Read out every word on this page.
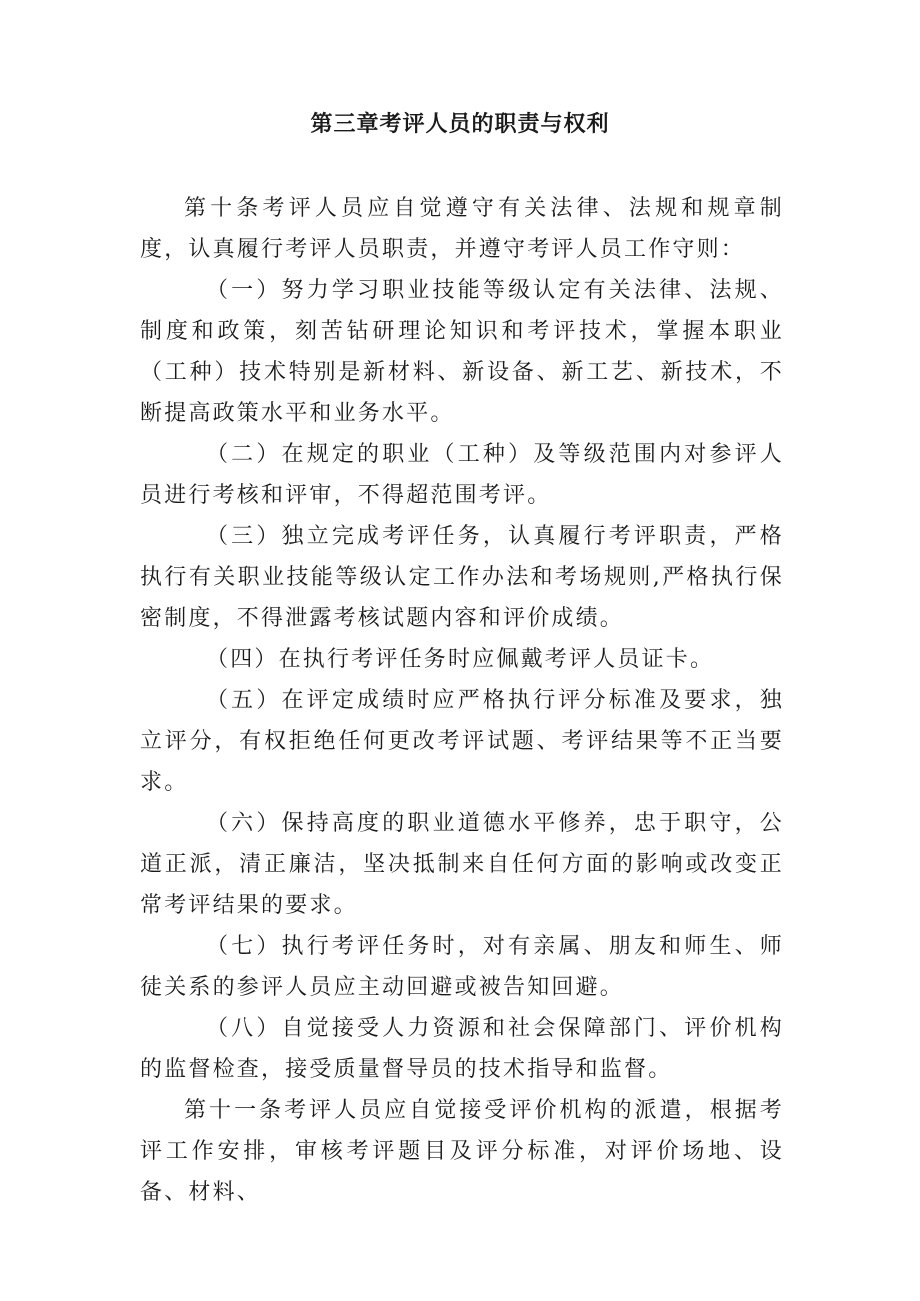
第三章考评人员的职责与权利

第十条考评人员应自觉遵守有关法律、法规和规章制度，认真履行考评人员职责，并遵守考评人员工作守则：

（一）努力学习职业技能等级认定有关法律、法规、制度和政策，刻苦钻研理论知识和考评技术，掌握本职业（工种）技术特别是新材料、新设备、新工艺、新技术，不断提高政策水平和业务水平。

（二）在规定的职业（工种）及等级范围内对参评人员进行考核和评审，不得超范围考评。

（三）独立完成考评任务，认真履行考评职责，严格执行有关职业技能等级认定工作办法和考场规则,严格执行保密制度，不得泄露考核试题内容和评价成绩。

（四）在执行考评任务时应佩戴考评人员证卡。

（五）在评定成绩时应严格执行评分标准及要求，独立评分，有权拒绝任何更改考评试题、考评结果等不正当要求。

（六）保持高度的职业道德水平修养，忠于职守，公道正派，清正廉洁，坚决抵制来自任何方面的影响或改变正常考评结果的要求。

（七）执行考评任务时，对有亲属、朋友和师生、师徒关系的参评人员应主动回避或被告知回避。

（八）自觉接受人力资源和社会保障部门、评价机构的监督检查，接受质量督导员的技术指导和监督。

第十一条考评人员应自觉接受评价机构的派遣，根据考评工作安排，审核考评题目及评分标准，对评价场地、设备、材料、
